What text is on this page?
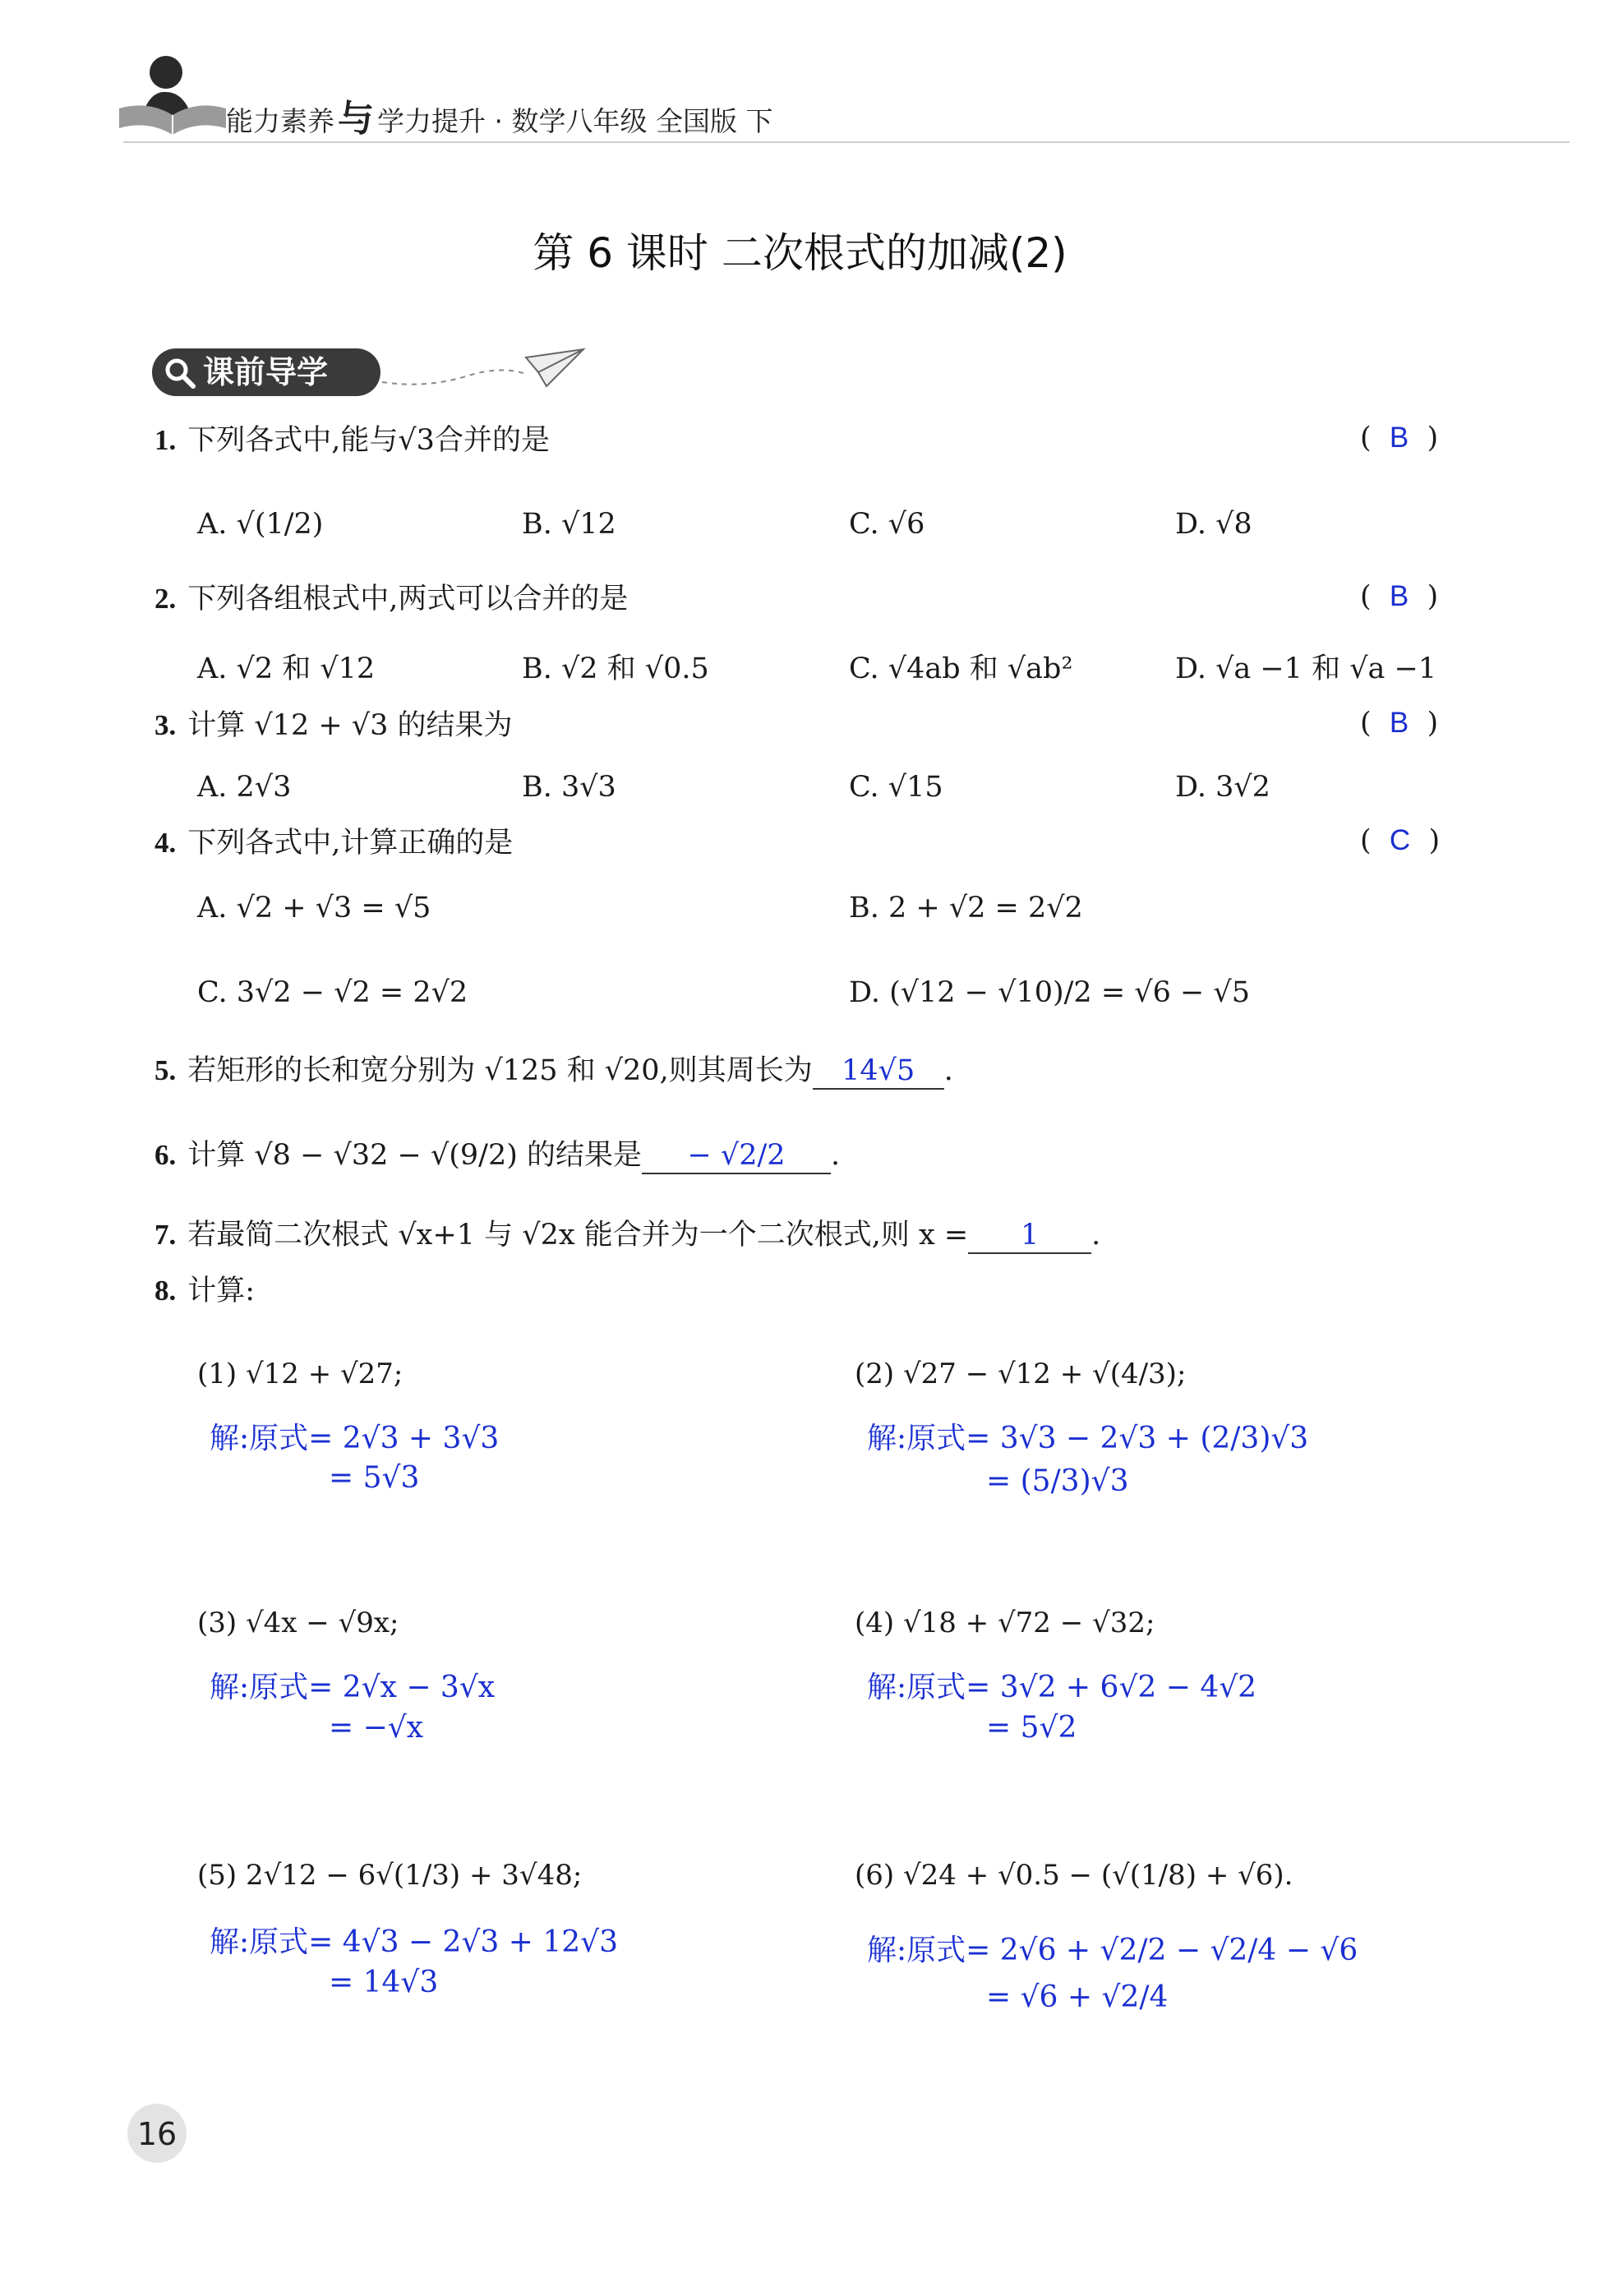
能力素养与 学力提升 · 数学八年级 全国版 下
第 6 课时 二次根式的加减(2)
课前导学
1. 下列各式中,能与√3合并的是	(  B  )
A. √(1/2)	B. √12	C. √6	D. √8
2. 下列各组根式中,两式可以合并的是	(  B  )
A. √2 和 √12	B. √2 和 √0.5	C. √4ab 和 √ab²	D. √a −1 和 √a −1
3. 计算 √12 + √3 的结果为	(  B  )
A. 2√3	B. 3√3	C. √15	D. 3√2
4. 下列各式中,计算正确的是	(  C  )
A. √2 + √3 = √5	B. 2 + √2 = 2√2
C. 3√2 − √2 = 2√2	D. (√12 − √10)/2 = √6 − √5
5. 若矩形的长和宽分别为 √125 和 √20,则其周长为 14√5 .
6. 计算 √8 − √32 − √(9/2) 的结果是 − √2/2 .
7. 若最简二次根式 √x+1 与 √2x 能合并为一个二次根式,则 x = 1 .
8. 计算:
(1) √12 + √27;
解:原式= 2√3 + 3√3
= 5√3
(2) √27 − √12 + √(4/3);
解:原式= 3√3 − 2√3 + (2/3)√3
= (5/3)√3
(3) √4x − √9x;
解:原式= 2√x − 3√x
= −√x
(4) √18 + √72 − √32;
解:原式= 3√2 + 6√2 − 4√2
= 5√2
(5) 2√12 − 6√(1/3) + 3√48;
解:原式= 4√3 − 2√3 + 12√3
= 14√3
(6) √24 + √0.5 − (√(1/8) + √6).
解:原式= 2√6 + √2/2 − √2/4 − √6
= √6 + √2/4
16
